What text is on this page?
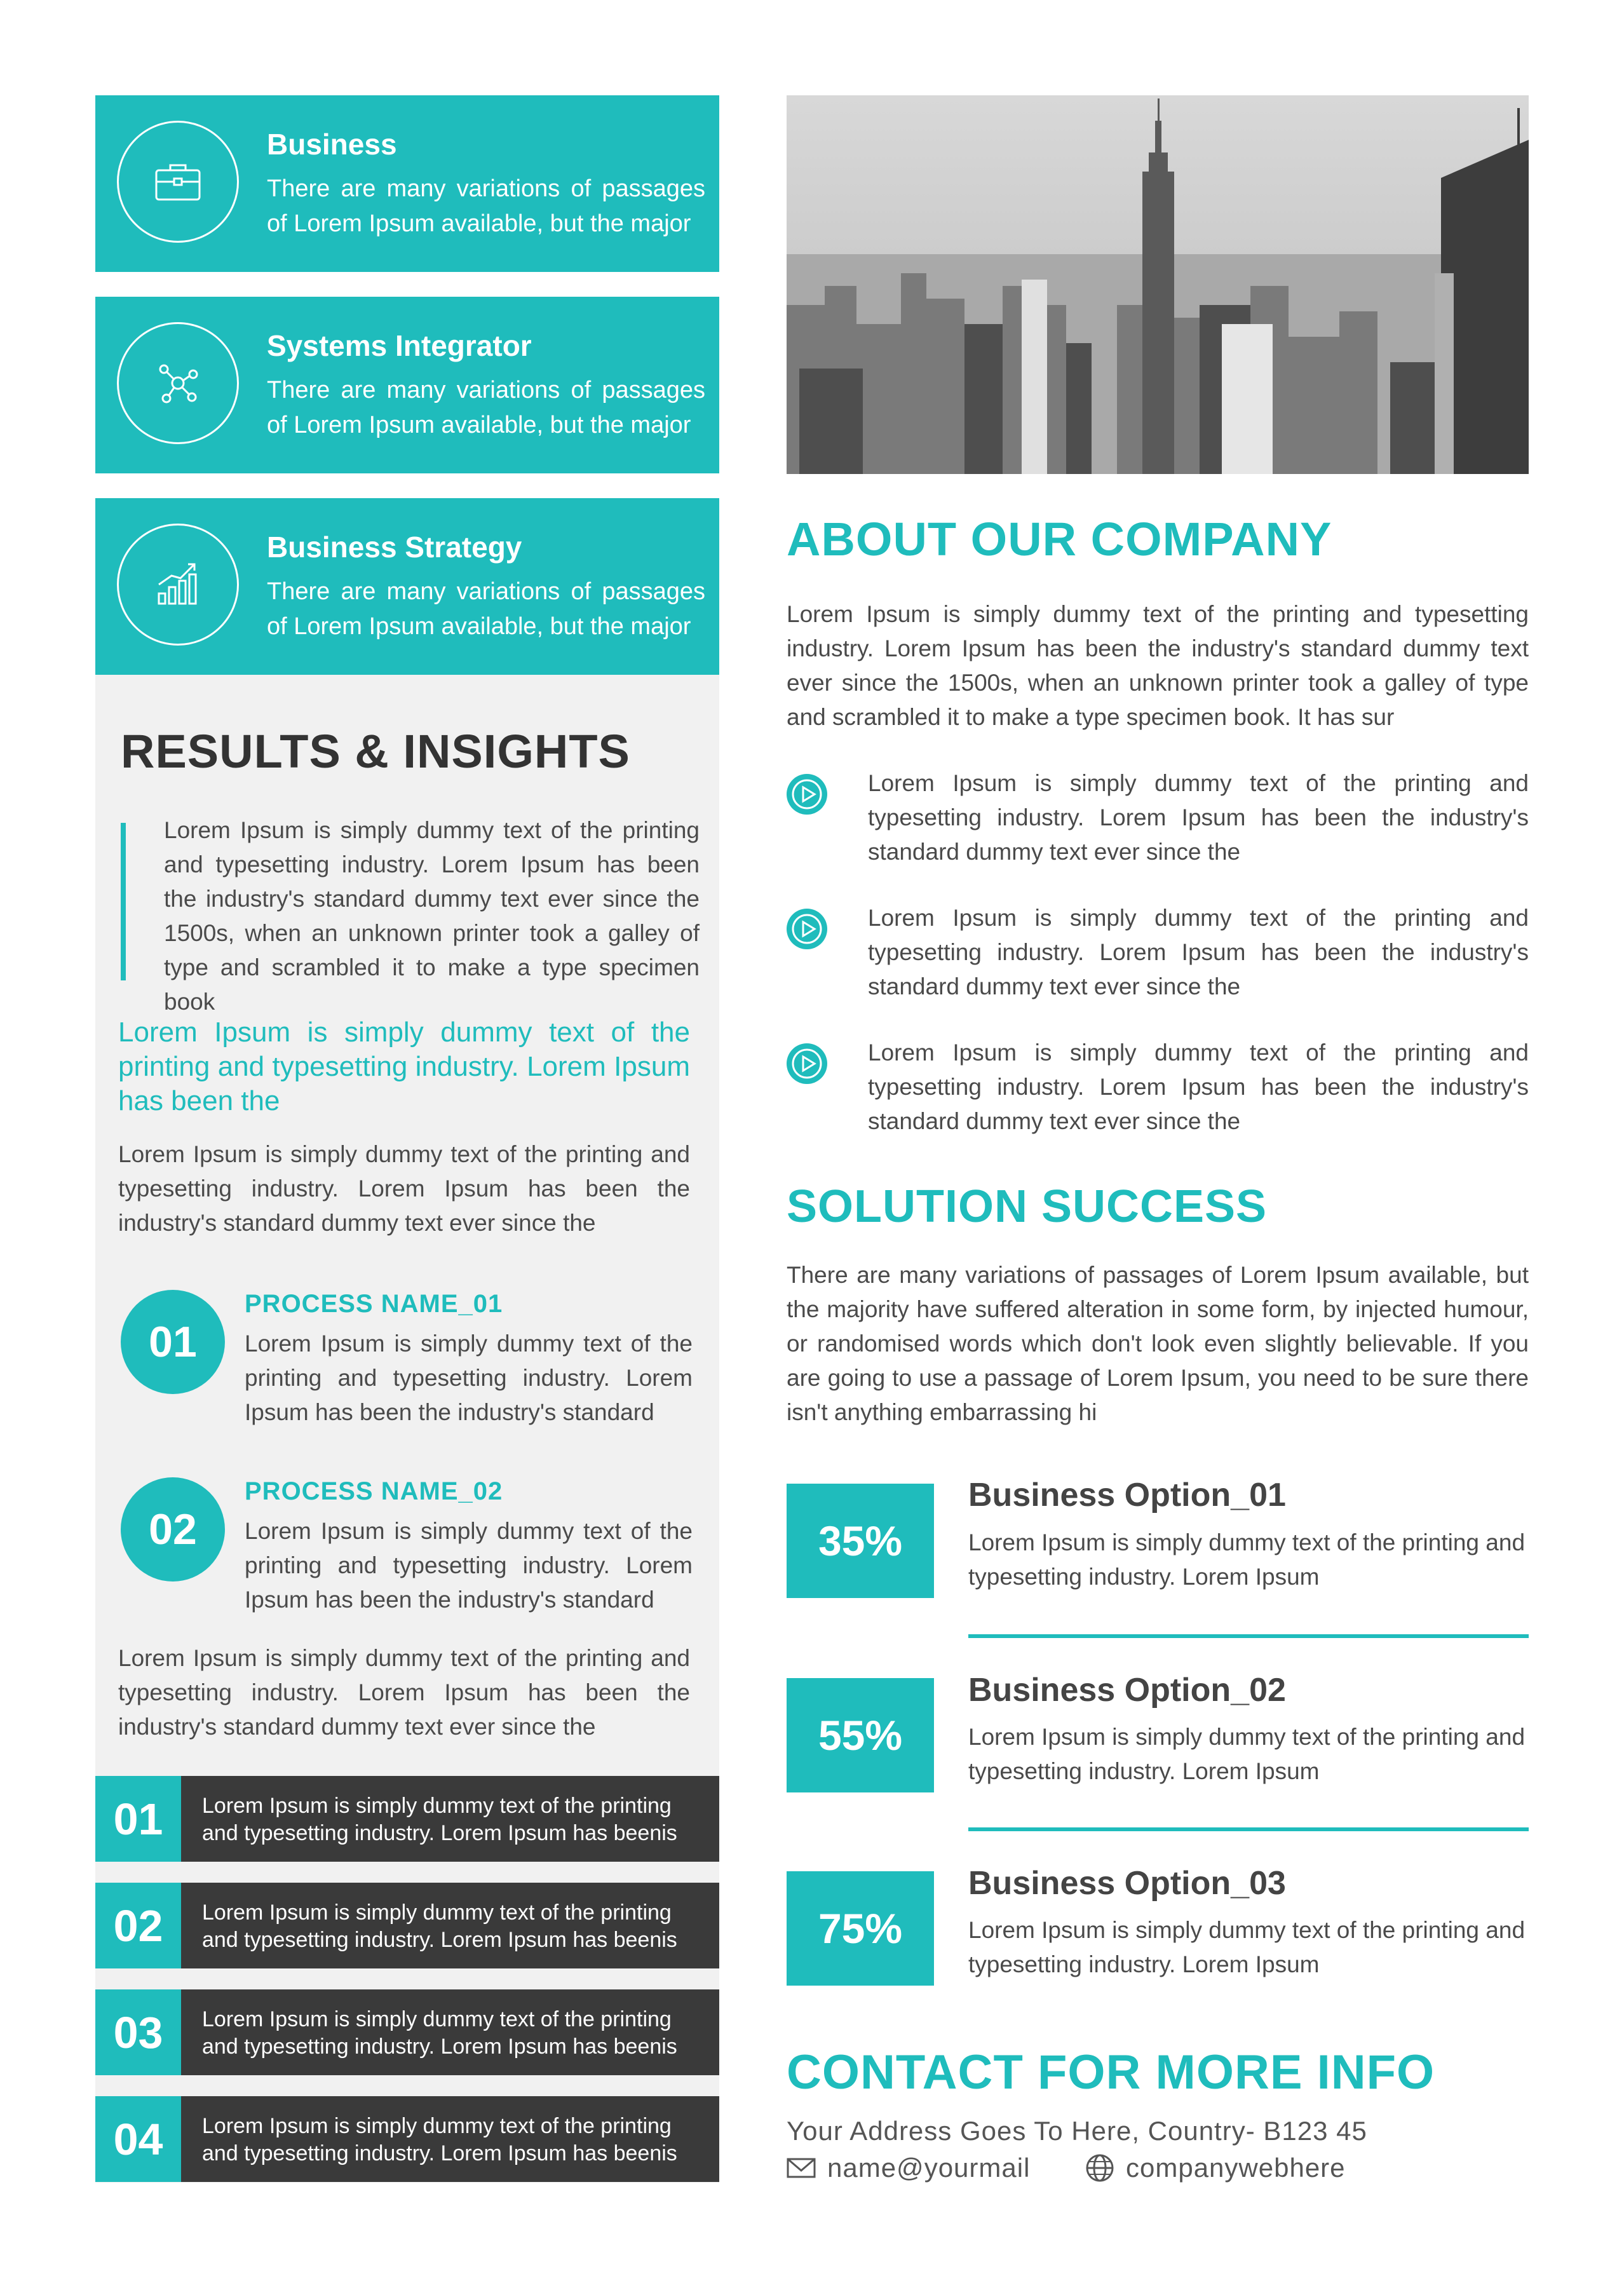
Business
There are many variations of passages of Lorem Ipsum available, but the major
Systems Integrator
There are many variations of passages of Lorem Ipsum available, but the major
Business Strategy
There are many variations of passages of Lorem Ipsum available, but the major
RESULTS & INSIGHTS
Lorem Ipsum is simply dummy text of the printing and typesetting industry. Lorem Ipsum has been the industry's standard dummy text ever since the 1500s, when an unknown printer took a galley of type and scrambled it to make a type specimen book
Lorem Ipsum is simply dummy text of the printing and typesetting industry. Lorem Ipsum has been the
Lorem Ipsum is simply dummy text of the printing and typesetting industry. Lorem Ipsum has been the industry's standard dummy text ever since the
01
PROCESS NAME_01
Lorem Ipsum is simply dummy text of the printing and typesetting industry. Lorem Ipsum has been the industry's standard
02
PROCESS NAME_02
Lorem Ipsum is simply dummy text of the printing and typesetting industry. Lorem Ipsum has been the industry's standard
Lorem Ipsum is simply dummy text of the printing and typesetting industry. Lorem Ipsum has been the industry's standard dummy text ever since the
01	Lorem Ipsum is simply dummy text of the printing
and typesetting industry. Lorem Ipsum has beenis
02	Lorem Ipsum is simply dummy text of the printing
and typesetting industry. Lorem Ipsum has beenis
03	Lorem Ipsum is simply dummy text of the printing
and typesetting industry. Lorem Ipsum has beenis
04	Lorem Ipsum is simply dummy text of the printing
and typesetting industry. Lorem Ipsum has beenis
ABOUT OUR COMPANY
Lorem Ipsum is simply dummy text of the printing and typesetting industry. Lorem Ipsum has been the industry's standard dummy text ever since the 1500s, when an unknown printer took a galley of type and scrambled it to make a type specimen book. It has sur
Lorem Ipsum is simply dummy text of the printing and typesetting industry. Lorem Ipsum has been the industry's standard dummy text ever since the
Lorem Ipsum is simply dummy text of the printing and typesetting industry. Lorem Ipsum has been the industry's standard dummy text ever since the
Lorem Ipsum is simply dummy text of the printing and typesetting industry. Lorem Ipsum has been the industry's standard dummy text ever since the
SOLUTION SUCCESS
There are many variations of passages of Lorem Ipsum available, but the majority have suffered alteration in some form, by injected humour, or randomised words which don't look even slightly believable. If you are going to use a passage of Lorem Ipsum, you need to be sure there isn't anything embarrassing hi
35%
Business Option_01
Lorem Ipsum is simply dummy text of the printing and typesetting industry. Lorem Ipsum
55%
Business Option_02
Lorem Ipsum is simply dummy text of the printing and typesetting industry. Lorem Ipsum
75%
Business Option_03
Lorem Ipsum is simply dummy text of the printing and typesetting industry. Lorem Ipsum
CONTACT FOR MORE INFO
Your Address Goes To Here, Country- B123 45
name@yourmail	companywebhere
